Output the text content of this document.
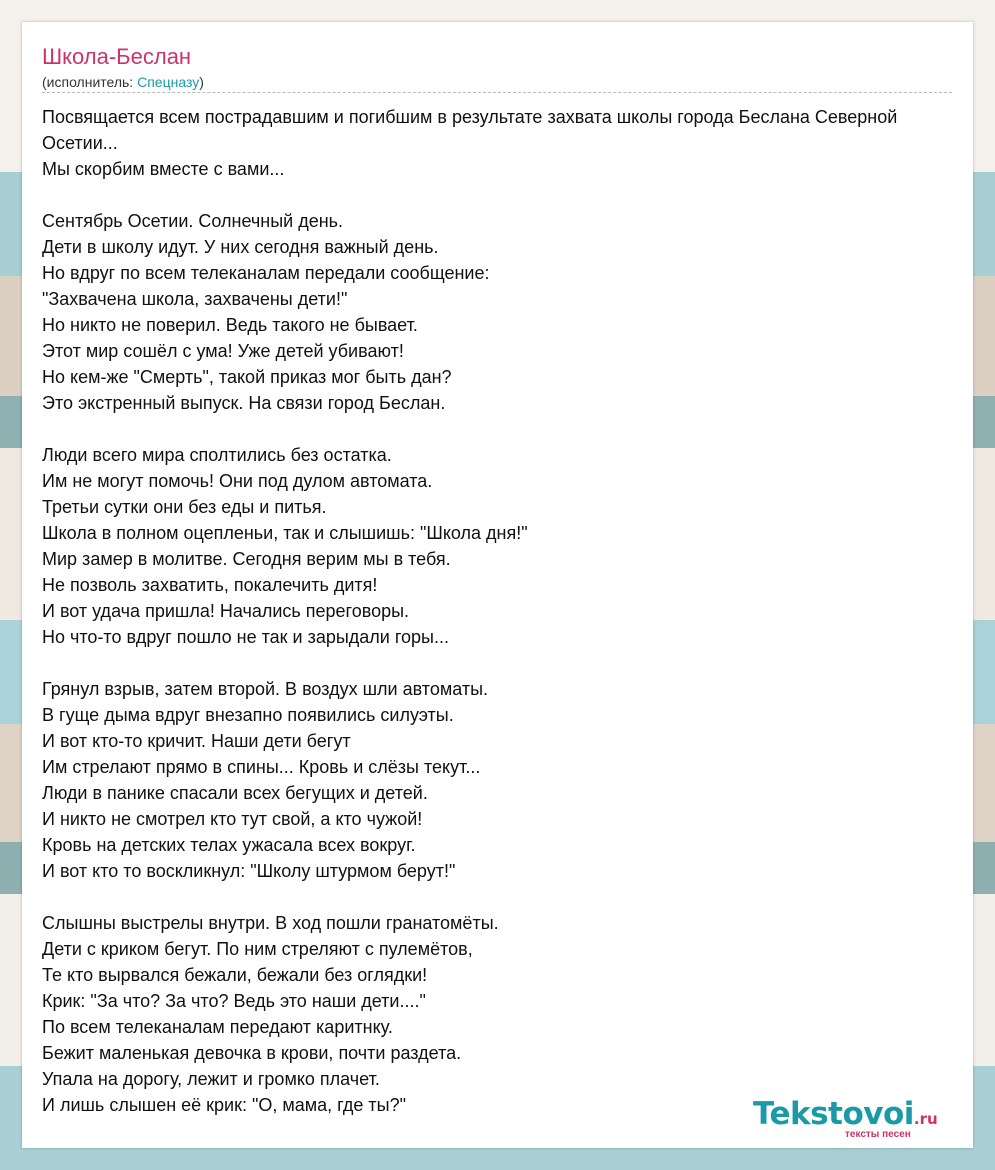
Школа-Беслан
(исполнитель: Спецназу)
Посвящается всем пострадавшим и погибшим в результате захвата школы города Беслана Северной
Осетии...
Мы скорбим вместе с вами...
Сентябрь Осетии. Солнечный день.
Дети в школу идут. У них сегодня важный день.
Но вдруг по всем телеканалам передали сообщение:
"Захвачена школа, захвачены дети!"
Но никто не поверил. Ведь такого не бывает.
Этот мир сошёл с ума! Уже детей убивают!
Но кем-же "Смерть", такой приказ мог быть дан?
Это экстренный выпуск. На связи город Беслан.
Люди всего мира сполтились без остатка.
Им не могут помочь! Они под дулом автомата.
Третьи сутки они без еды и питья.
Школа в полном оцепленьи, так и слышишь: "Школа дня!"
Мир замер в молитве. Сегодня верим мы в тебя.
Не позволь захватить, покалечить дитя!
И вот удача пришла! Начались переговоры.
Но что-то вдруг пошло не так и зарыдали горы...
Грянул взрыв, затем второй. В воздух шли автоматы.
В гуще дыма вдруг внезапно появились силуэты.
И вот кто-то кричит. Наши дети бегут
Им стрелают прямо в спины... Кровь и слёзы текут...
Люди в панике спасали всех бегущих и детей.
И никто не смотрел кто тут свой, а кто чужой!
Кровь на детских телах ужасала всех вокруг.
И вот кто то воскликнул: "Школу штурмом берут!"
Слышны выстрелы внутри. В ход пошли гранатомёты.
Дети с криком бегут. По ним стреляют с пулемётов,
Те кто вырвался бежали, бежали без оглядки!
Крик: "За что? За что? Ведь это наши дети...."
По всем телеканалам передают каритнку.
Бежит маленькая девочка в крови, почти раздета.
Упала на дорогу, лежит и громко плачет.
И лишь слышен её крик: "О, мама, где ты?"	Tekstovoi.ru
тексты песен
